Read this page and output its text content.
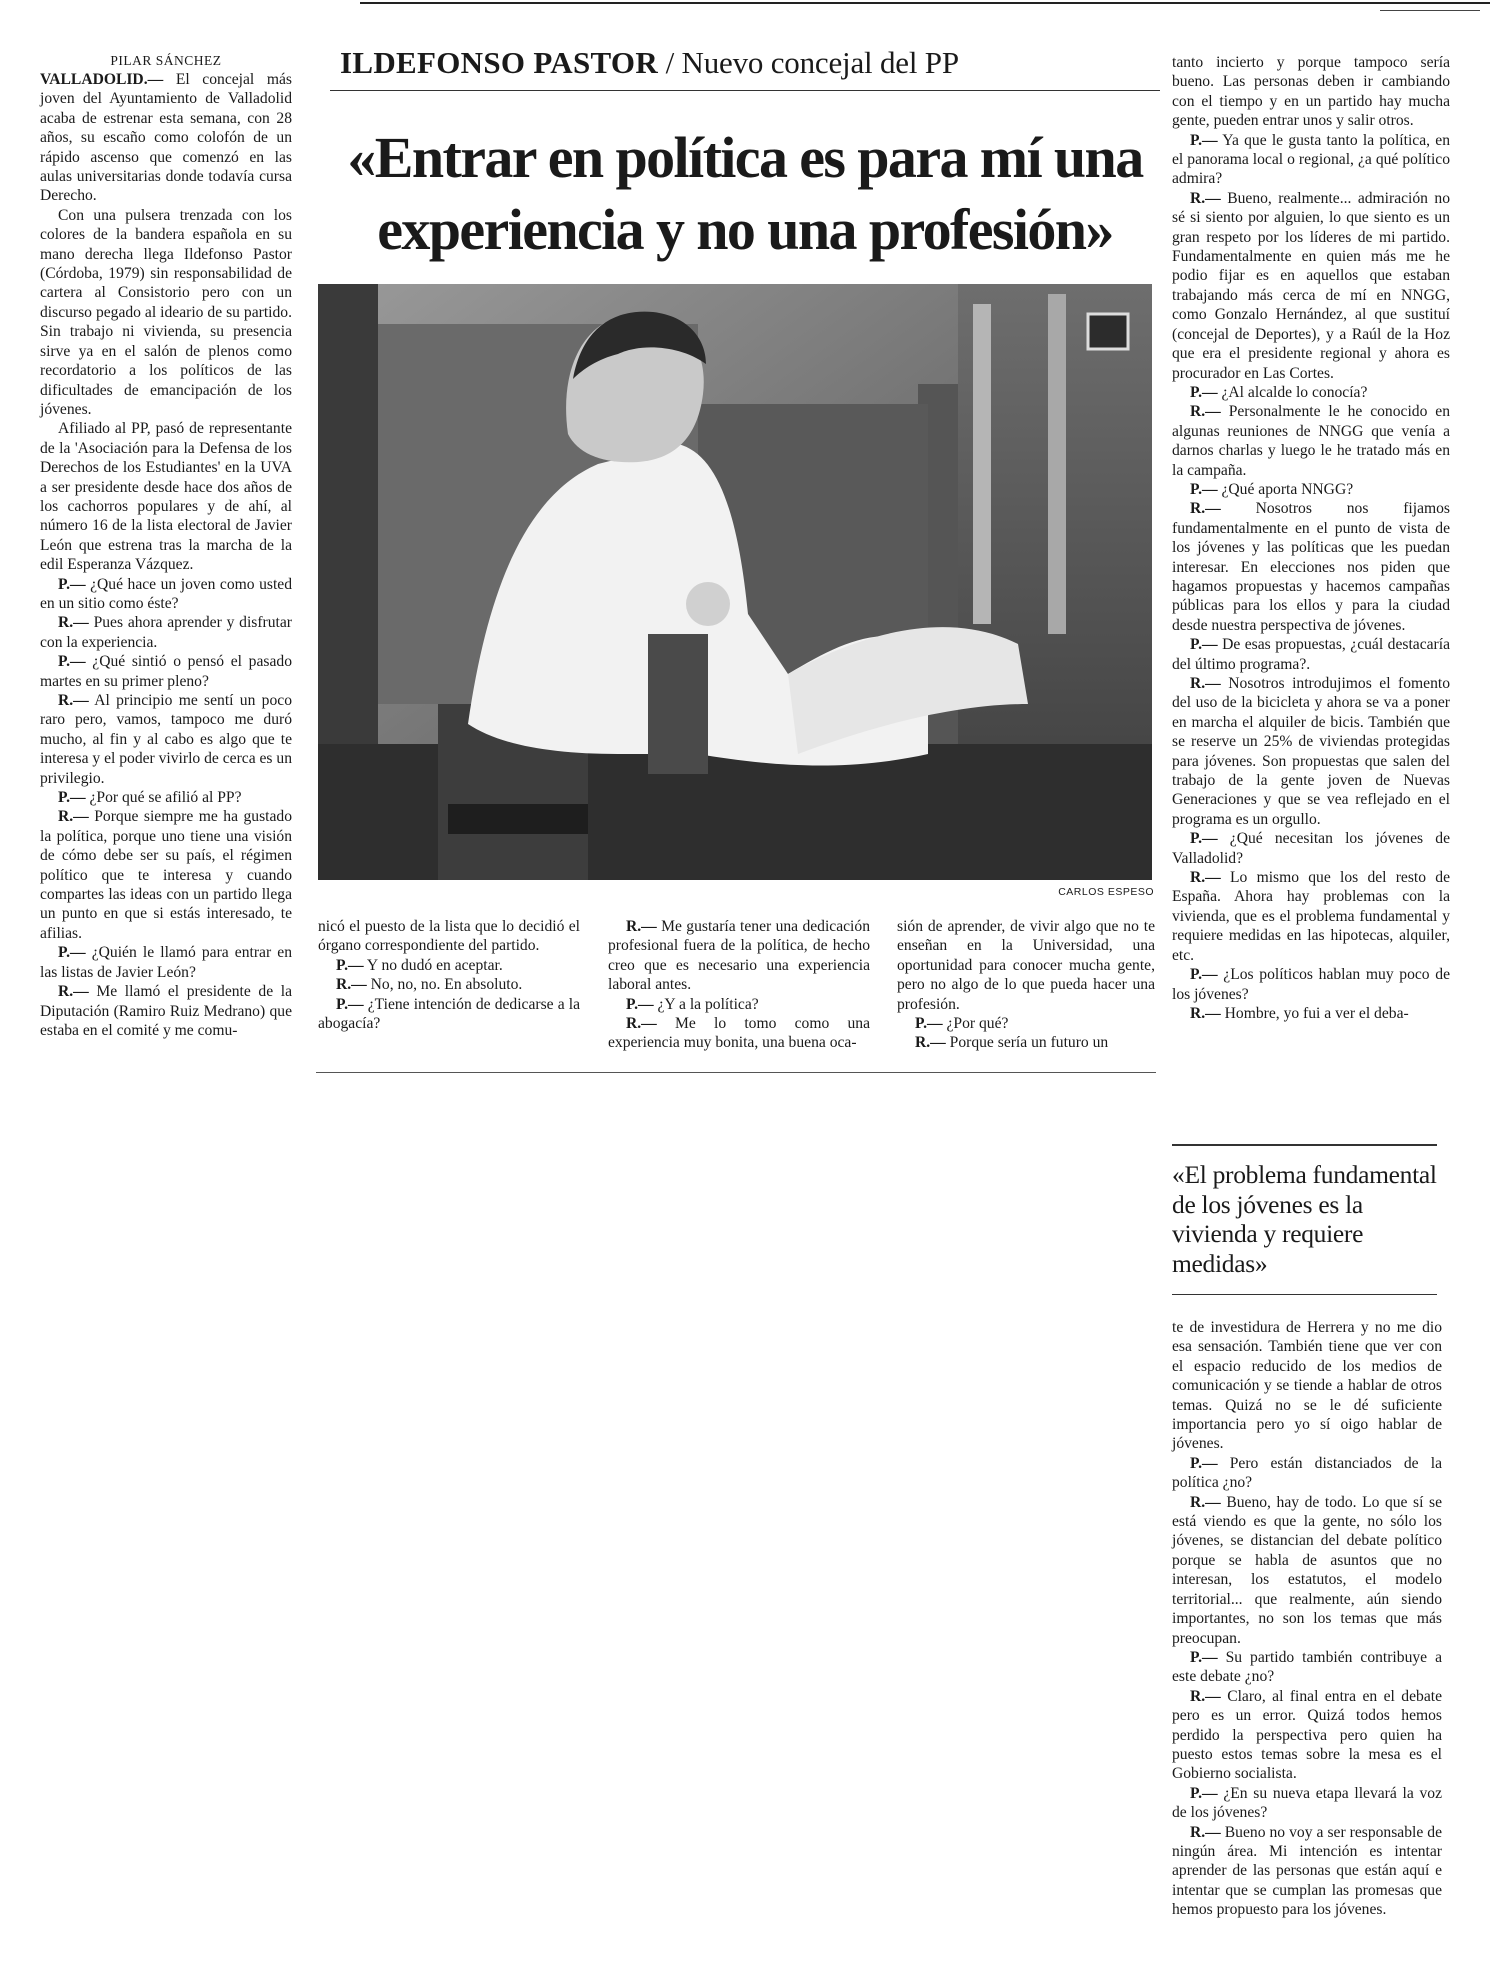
PILAR SÁNCHEZ	ILDEFONSO PASTOR / Nuevo concejal del PP
«Entrar en política es para mí una
experiencia y no una profesión»
CARLOS ESPESO

VALLADOLID.— El concejal más joven del Ayuntamiento de Valladolid acaba de estrenar esta semana, con 28 años, su escaño como colofón de un rápido ascenso que comenzó en las aulas universitarias donde todavía cursa Derecho.

Con una pulsera trenzada con los colores de la bandera española en su mano derecha llega Ildefonso Pastor (Córdoba, 1979) sin responsabilidad de cartera al Consistorio pero con un discurso pegado al ideario de su partido. Sin trabajo ni vivienda, su presencia sirve ya en el salón de plenos como recordatorio a los políticos de las dificultades de emancipación de los jóvenes.

Afiliado al PP, pasó de representante de la 'Asociación para la Defensa de los Derechos de los Estudiantes' en la UVA a ser presidente desde hace dos años de los cachorros populares y de ahí, al número 16 de la lista electoral de Javier León que estrena tras la marcha de la edil Esperanza Vázquez.

P.— ¿Qué hace un joven como usted en un sitio como éste?

R.— Pues ahora aprender y disfrutar con la experiencia.

P.— ¿Qué sintió o pensó el pasado martes en su primer pleno?

R.— Al principio me sentí un poco raro pero, vamos, tampoco me duró mucho, al fin y al cabo es algo que te interesa y el poder vivirlo de cerca es un privilegio.

P.— ¿Por qué se afilió al PP?

R.— Porque siempre me ha gustado la política, porque uno tiene una visión de cómo debe ser su país, el régimen político que te interesa y cuando compartes las ideas con un partido llega un punto en que si estás interesado, te afilias.

P.— ¿Quién le llamó para entrar en las listas de Javier León?

R.— Me llamó el presidente de la Diputación (Ramiro Ruiz Medrano) que estaba en el comité y me comu-

nicó el puesto de la lista que lo decidió el órgano correspondiente del partido.

P.— Y no dudó en aceptar.

R.— No, no, no. En absoluto.

P.— ¿Tiene intención de dedicarse a la abogacía?

R.— Me gustaría tener una dedicación profesional fuera de la política, de hecho creo que es necesario una experiencia laboral antes.

P.— ¿Y a la política?

R.— Me lo tomo como una experiencia muy bonita, una buena oca-

sión de aprender, de vivir algo que no te enseñan en la Universidad, una oportunidad para conocer mucha gente, pero no algo de lo que pueda hacer una profesión.

P.— ¿Por qué?

R.— Porque sería un futuro un

tanto incierto y porque tampoco sería bueno. Las personas deben ir cambiando con el tiempo y en un partido hay mucha gente, pueden entrar unos y salir otros.

P.— Ya que le gusta tanto la política, en el panorama local o regional, ¿a qué político admira?

R.— Bueno, realmente... admiración no sé si siento por alguien, lo que siento es un gran respeto por los líderes de mi partido. Fundamentalmente en quien más me he podio fijar es en aquellos que estaban trabajando más cerca de mí en NNGG, como Gonzalo Hernández, al que sustituí (concejal de Deportes), y a Raúl de la Hoz que era el presidente regional y ahora es procurador en Las Cortes.

P.— ¿Al alcalde lo conocía?

R.— Personalmente le he conocido en algunas reuniones de NNGG que venía a darnos charlas y luego le he tratado más en la campaña.

P.— ¿Qué aporta NNGG?

R.— Nosotros nos fijamos fundamentalmente en el punto de vista de los jóvenes y las políticas que les puedan interesar. En elecciones nos piden que hagamos propuestas y hacemos campañas públicas para los ellos y para la ciudad desde nuestra perspectiva de jóvenes.

P.— De esas propuestas, ¿cuál destacaría del último programa?.

R.— Nosotros introdujimos el fomento del uso de la bicicleta y ahora se va a poner en marcha el alquiler de bicis. También que se reserve un 25% de viviendas protegidas para jóvenes. Son propuestas que salen del trabajo de la gente joven de Nuevas Generaciones y que se vea reflejado en el programa es un orgullo.

P.— ¿Qué necesitan los jóvenes de Valladolid?

R.— Lo mismo que los del resto de España. Ahora hay problemas con la vivienda, que es el problema fundamental y requiere medidas en las hipotecas, alquiler, etc.

P.— ¿Los políticos hablan muy poco de los jóvenes?

R.— Hombre, yo fui a ver el deba-

«El problema fundamental de los jóvenes es la vivienda y requiere medidas»

te de investidura de Herrera y no me dio esa sensación. También tiene que ver con el espacio reducido de los medios de comunicación y se tiende a hablar de otros temas. Quizá no se le dé suficiente importancia pero yo sí oigo hablar de jóvenes.

P.— Pero están distanciados de la política ¿no?

R.— Bueno, hay de todo. Lo que sí se está viendo es que la gente, no sólo los jóvenes, se distancian del debate político porque se habla de asuntos que no interesan, los estatutos, el modelo territorial... que realmente, aún siendo importantes, no son los temas que más preocupan.

P.— Su partido también contribuye a este debate ¿no?

R.— Claro, al final entra en el debate pero es un error. Quizá todos hemos perdido la perspectiva pero quien ha puesto estos temas sobre la mesa es el Gobierno socialista.

P.— ¿En su nueva etapa llevará la voz de los jóvenes?

R.— Bueno no voy a ser responsable de ningún área. Mi intención es intentar aprender de las personas que están aquí e intentar que se cumplan las promesas que hemos propuesto para los jóvenes.
